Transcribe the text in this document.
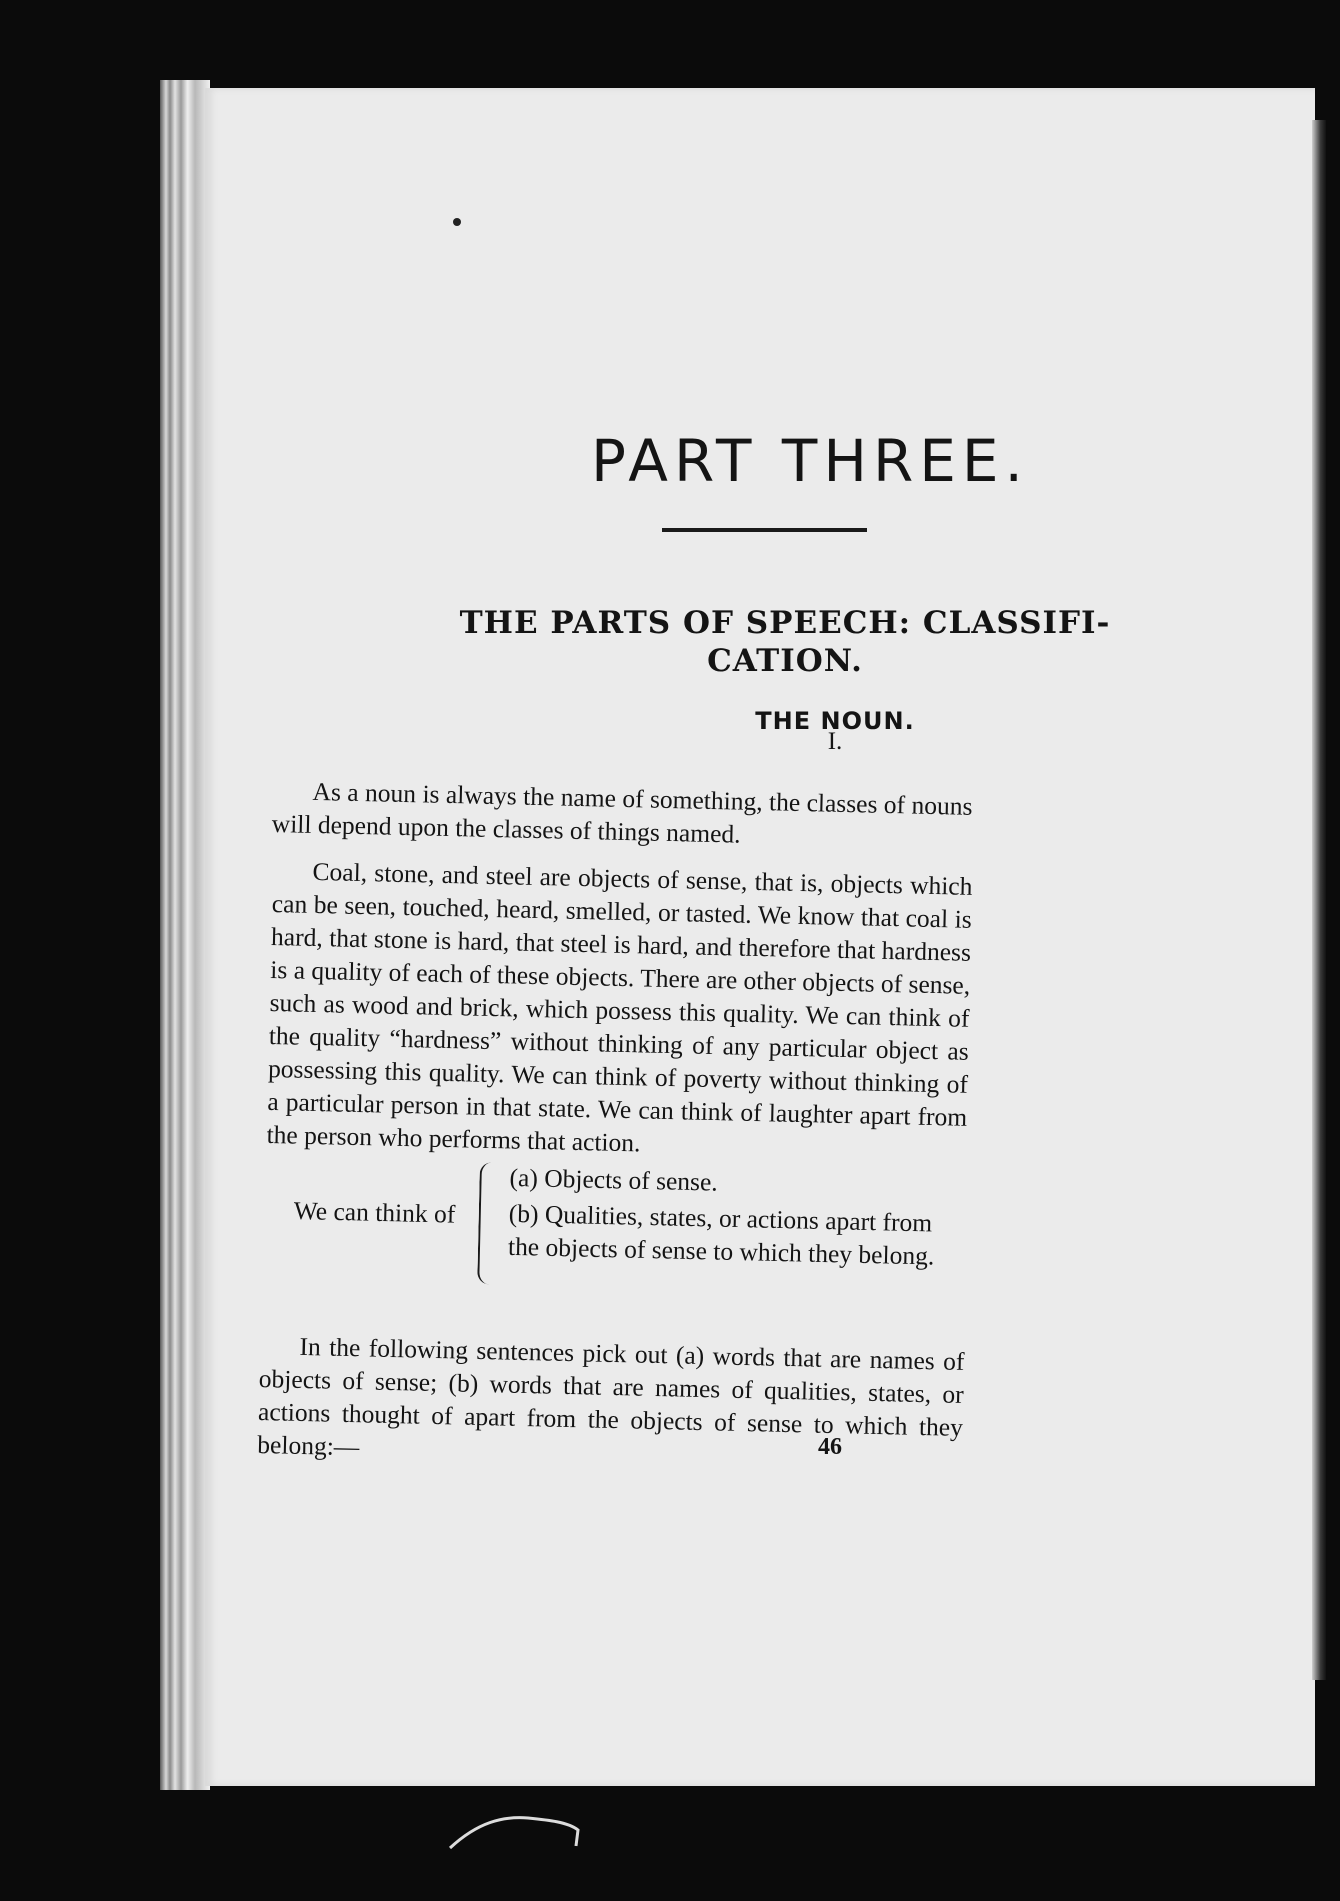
PART THREE.
THE PARTS OF SPEECH: CLASSIFI-CATION.
THE NOUN.
I.

As a noun is always the name of something, the classes of nouns will depend upon the classes of things named.

Coal, stone, and steel are objects of sense, that is, objects which can be seen, touched, heard, smelled, or tasted. We know that coal is hard, that stone is hard, that steel is hard, and therefore that hardness is a quality of each of these objects. There are other objects of sense, such as wood and brick, which possess this quality. We can think of the quality “hardness” without thinking of any particular object as possessing this quality. We can think of poverty without thinking of a particular person in that state. We can think of laughter apart from the person who performs that action.

We can think of
(a) Objects of sense.
(b) Qualities, states, or actions apart from the objects of sense to which they belong.

In the following sentences pick out (a) words that are names of objects of sense; (b) words that are names of qualities, states, or actions thought of apart from the objects of sense to which they belong:—	46
